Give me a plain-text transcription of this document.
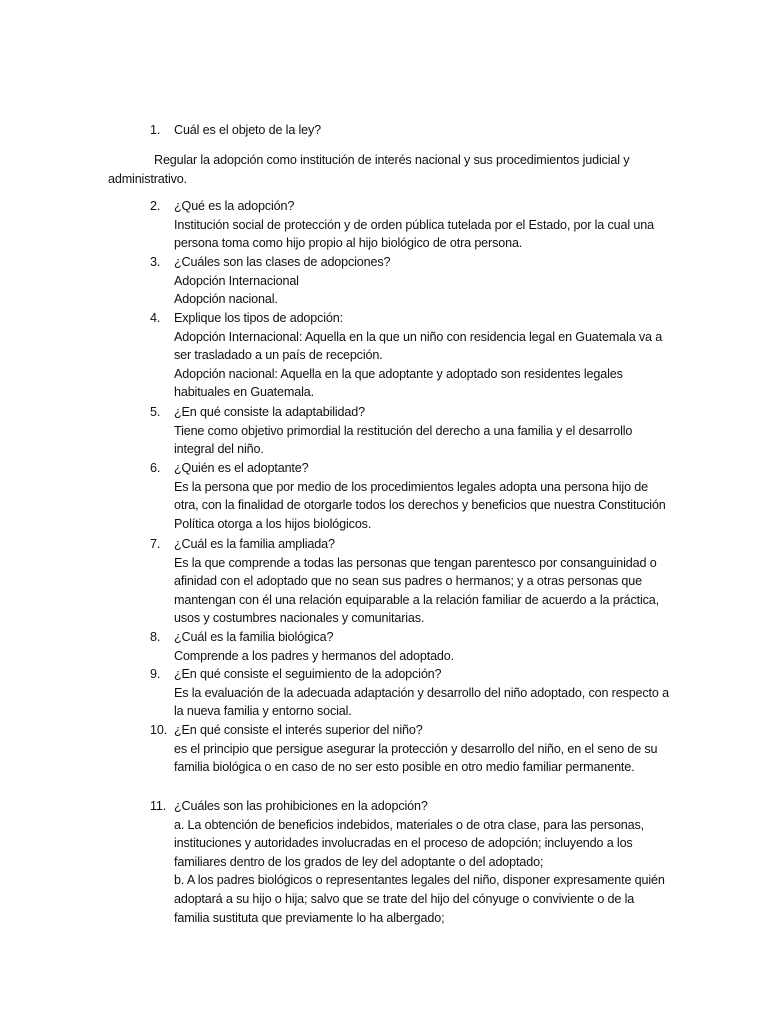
1. Cuál es el objeto de la ley?
Regular la adopción como institución de interés nacional y sus procedimientos judicial y administrativo.
2. ¿Qué es la adopción?
Institución social de protección y de orden pública tutelada por el Estado, por la cual una persona toma como hijo propio al hijo biológico de otra persona.
3. ¿Cuáles son las clases de adopciones?
Adopción Internacional
Adopción nacional.
4. Explique los tipos de adopción:
Adopción Internacional: Aquella en la que un niño con residencia legal en Guatemala va a ser trasladado a un país de recepción.
Adopción nacional: Aquella en la que adoptante y adoptado son residentes legales habituales en Guatemala.
5. ¿En qué consiste la adaptabilidad?
Tiene como objetivo primordial la restitución del derecho a una familia y el desarrollo integral del niño.
6. ¿Quién es el adoptante?
Es la persona que por medio de los procedimientos legales adopta una persona hijo de otra, con la finalidad de otorgarle todos los derechos y beneficios que nuestra Constitución Política otorga a los hijos biológicos.
7. ¿Cuál es la familia ampliada?
Es la que comprende a todas las personas que tengan parentesco por consanguinidad o afinidad con el adoptado que no sean sus padres o hermanos; y a otras personas que mantengan con él una relación equiparable a la relación familiar de acuerdo a la práctica, usos y costumbres nacionales y comunitarias.
8. ¿Cuál es la familia biológica?
Comprende a los padres y hermanos del adoptado.
9. ¿En qué consiste el seguimiento de la adopción?
Es la evaluación de la adecuada adaptación y desarrollo del niño adoptado, con respecto a la nueva familia y entorno social.
10. ¿En qué consiste el interés superior del niño?
es el principio que persigue asegurar la protección y desarrollo del niño, en el seno de su familia biológica o en caso de no ser esto posible en otro medio familiar permanente.
11. ¿Cuáles son las prohibiciones en la adopción?
a. La obtención de beneficios indebidos, materiales o de otra clase, para las personas, instituciones y autoridades involucradas en el proceso de adopción; incluyendo a los familiares dentro de los grados de ley del adoptante o del adoptado;
b. A los padres biológicos o representantes legales del niño, disponer expresamente quién adoptará a su hijo o hija; salvo que se trate del hijo del cónyuge o conviviente o de la familia sustituta que previamente lo ha albergado;
